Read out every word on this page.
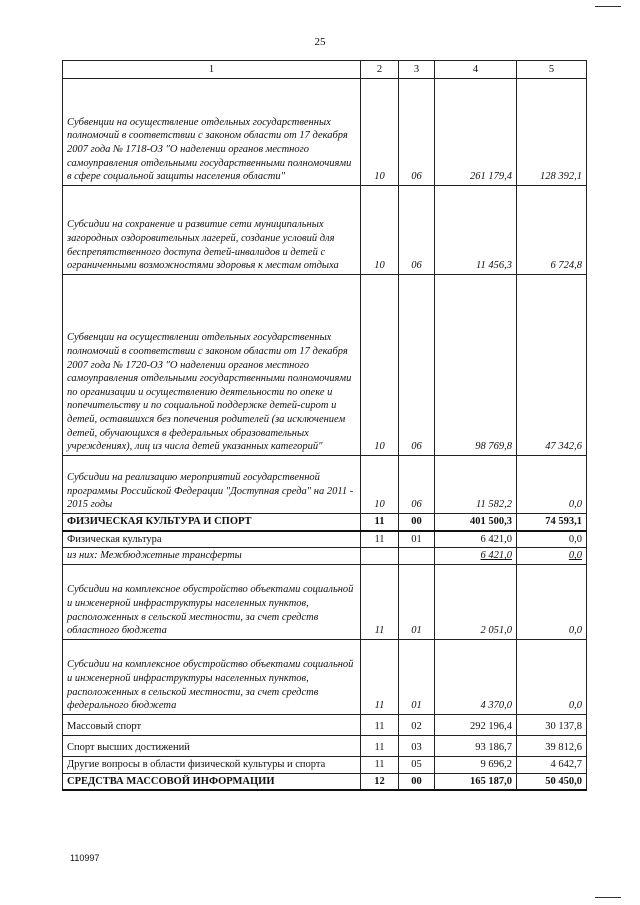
25
1	2	3	4	5
Субвенции на осуществление отдельных государственных полномочий в соответствии с законом области от 17 декабря 2007 года № 1718-ОЗ "О наделении органов местного самоуправления отдельными государственными полномочиями в сфере социальной защиты населения области"	10	06	261 179,4	128 392,1
Субсидии на сохранение и развитие сети муниципальных загородных оздоровительных лагерей, создание условий для беспрепятственного доступа детей-инвалидов и детей с ограниченными возможностями здоровья к местам отдыха	10	06	11 456,3	6 724,8
Субвенции на осуществлении отдельных государственных полномочий в соответствии с законом области от 17 декабря 2007 года № 1720-ОЗ "О наделении органов местного самоуправления отдельными государственными полномочиями по организации и осуществлению деятельности по опеке и попечительству и по социальной поддержке детей-сирот и детей, оставшихся без попечения родителей (за исключением детей, обучающихся в федеральных образовательных учреждениях), лиц из числа детей указанных категорий"	10	06	98 769,8	47 342,6
Субсидии на реализацию мероприятий государственной программы Российской Федерации "Доступная среда" на 2011 - 2015 годы	10	06	11 582,2	0,0
ФИЗИЧЕСКАЯ КУЛЬТУРА И СПОРТ	11	00	401 500,3	74 593,1
Физическая культура	11	01	6 421,0	0,0
из них: Межбюджетные трансферты			6 421,0	0,0
Субсидии на комплексное обустройство объектами социальной и инженерной инфраструктуры населенных пунктов, расположенных в сельской местности, за счет средств областного бюджета	11	01	2 051,0	0,0
Субсидии на комплексное обустройство объектами социальной и инженерной инфраструктуры населенных пунктов, расположенных в сельской местности, за счет средств федерального бюджета	11	01	4 370,0	0,0
Массовый спорт	11	02	292 196,4	30 137,8
Спорт высших достижений	11	03	93 186,7	39 812,6
Другие вопросы в области физической культуры и спорта	11	05	9 696,2	4 642,7
СРЕДСТВА МАССОВОЙ ИНФОРМАЦИИ	12	00	165 187,0	50 450,0
110997
